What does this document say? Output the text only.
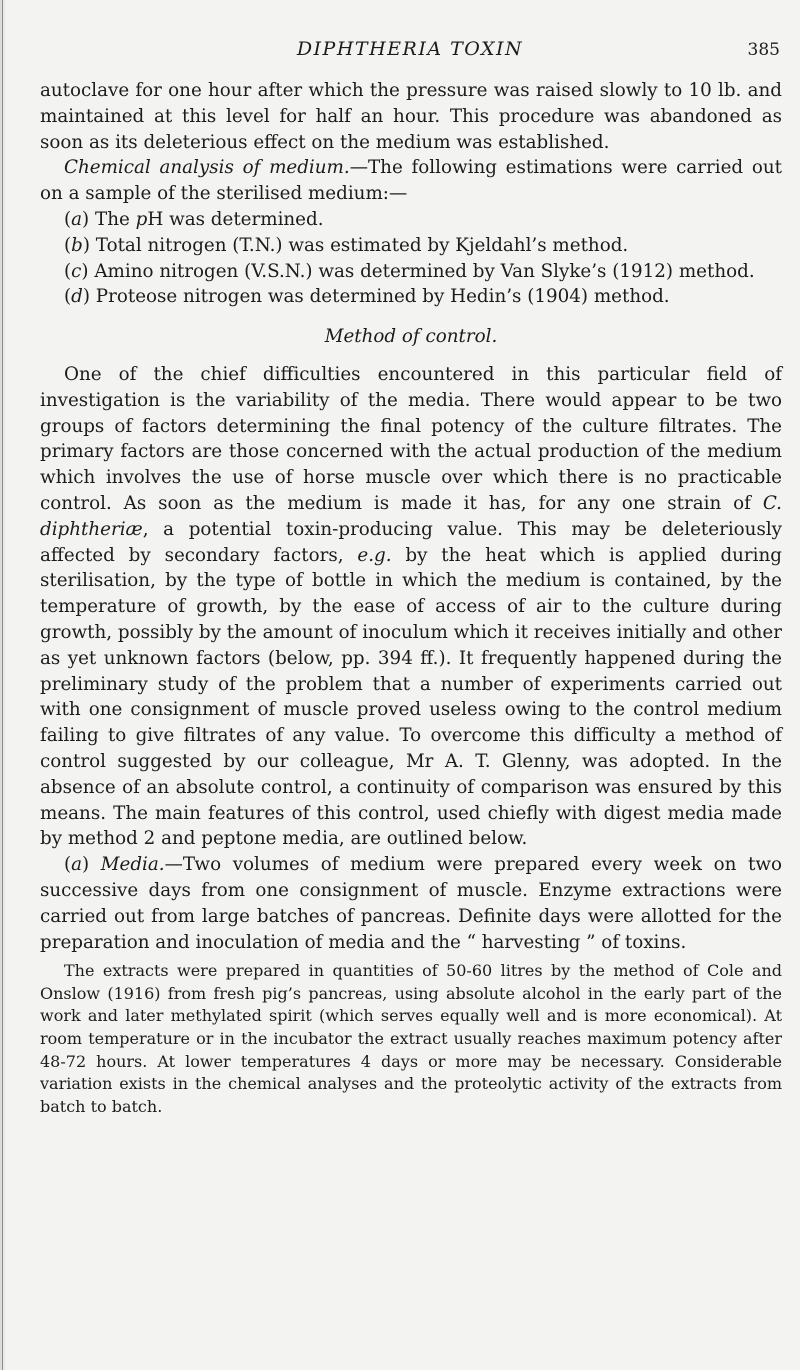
DIPHTHERIA TOXIN	385

autoclave for one hour after which the pressure was raised slowly to 10 lb. and maintained at this level for half an hour. This procedure was abandoned as soon as its deleterious effect on the medium was established.

Chemical analysis of medium.—The following estimations were carried out on a sample of the sterilised medium:—

(a) The pH was determined.

(b) Total nitrogen (T.N.) was estimated by Kjeldahl’s method.

(c) Amino nitrogen (V.S.N.) was determined by Van Slyke’s (1912) method.

(d) Proteose nitrogen was determined by Hedin’s (1904) method.

Method of control.

One of the chief difficulties encountered in this particular field of investigation is the variability of the media. There would appear to be two groups of factors determining the final potency of the culture filtrates. The primary factors are those concerned with the actual production of the medium which involves the use of horse muscle over which there is no practicable control. As soon as the medium is made it has, for any one strain of C. diphtheriæ, a potential toxin-producing value. This may be deleteriously affected by secondary factors, e.g. by the heat which is applied during sterilisation, by the type of bottle in which the medium is contained, by the temperature of growth, by the ease of access of air to the culture during growth, possibly by the amount of inoculum which it receives initially and other as yet unknown factors (below, pp. 394 ff.). It frequently happened during the preliminary study of the problem that a number of experiments carried out with one consignment of muscle proved useless owing to the control medium failing to give filtrates of any value. To overcome this difficulty a method of control suggested by our colleague, Mr A. T. Glenny, was adopted. In the absence of an absolute control, a continuity of comparison was ensured by this means. The main features of this control, used chiefly with digest media made by method 2 and peptone media, are outlined below.

(a) Media.—Two volumes of medium were prepared every week on two successive days from one consignment of muscle. Enzyme extractions were carried out from large batches of pancreas. Definite days were allotted for the preparation and inoculation of media and the “ harvesting ” of toxins.

The extracts were prepared in quantities of 50-60 litres by the method of Cole and Onslow (1916) from fresh pig’s pancreas, using absolute alcohol in the early part of the work and later methylated spirit (which serves equally well and is more economical). At room temperature or in the incubator the extract usually reaches maximum potency after 48-72 hours. At lower temperatures 4 days or more may be necessary. Considerable variation exists in the chemical analyses and the proteolytic activity of the extracts from batch to batch.
